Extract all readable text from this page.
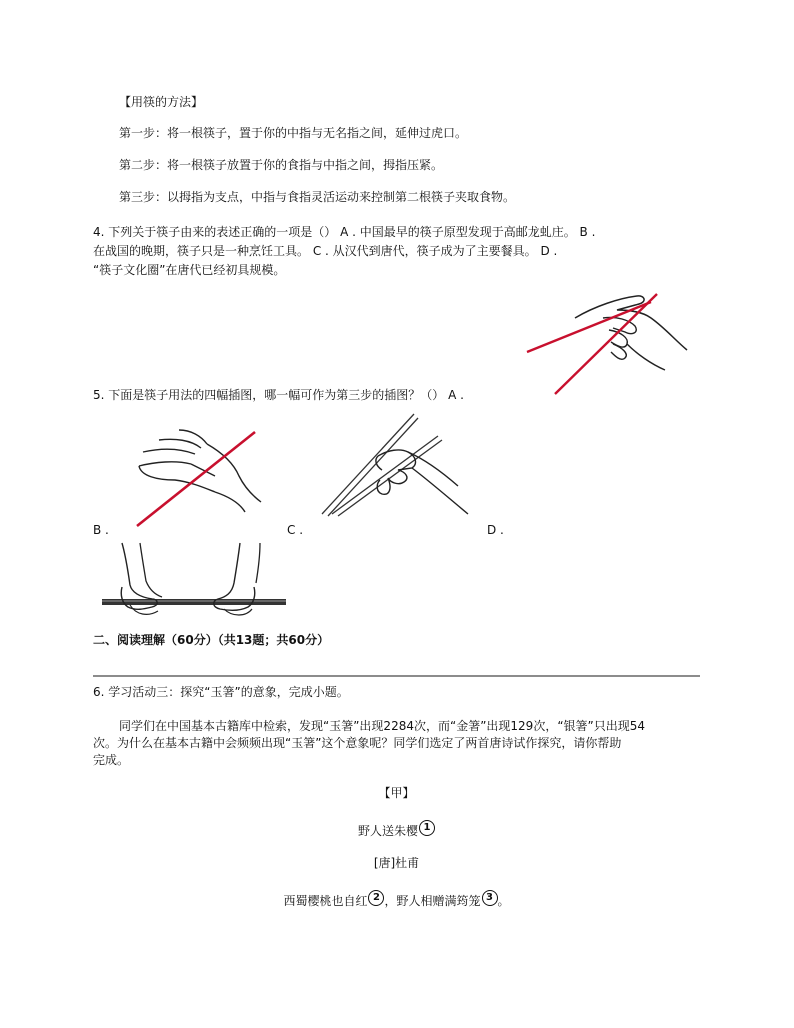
【用筷的方法】
第一步：将一根筷子，置于你的中指与无名指之间，延伸过虎口。
第二步：将一根筷子放置于你的食指与中指之间，拇指压紧。
第三步：以拇指为支点，中指与食指灵活运动来控制第二根筷子夹取食物。
4. 下列关于筷子由来的表述正确的一项是（） A . 中国最早的筷子原型发现于高邮龙虬庄。 B .
在战国的晚期，筷子只是一种烹饪工具。 C . 从汉代到唐代，筷子成为了主要餐具。 D .
“筷子文化圈”在唐代已经初具规模。
5. 下面是筷子用法的四幅插图，哪一幅可作为第三步的插图？（） A .
B .	C .	D .
二、阅读理解（60分）（共13题；共60分）
6. 学习活动三：探究“玉箸”的意象，完成小题。
同学们在中国基本古籍库中检索，发现“玉箸”出现2284次，而“金箸”出现129次，“银箸”只出现54
次。为什么在基本古籍中会频频出现“玉箸”这个意象呢？同学们选定了两首唐诗试作探究，请你帮助
完成。
【甲】
野人送朱樱 1
[唐]杜甫
西蜀樱桃也自红 2 ，野人相赠满筠笼 3 。
